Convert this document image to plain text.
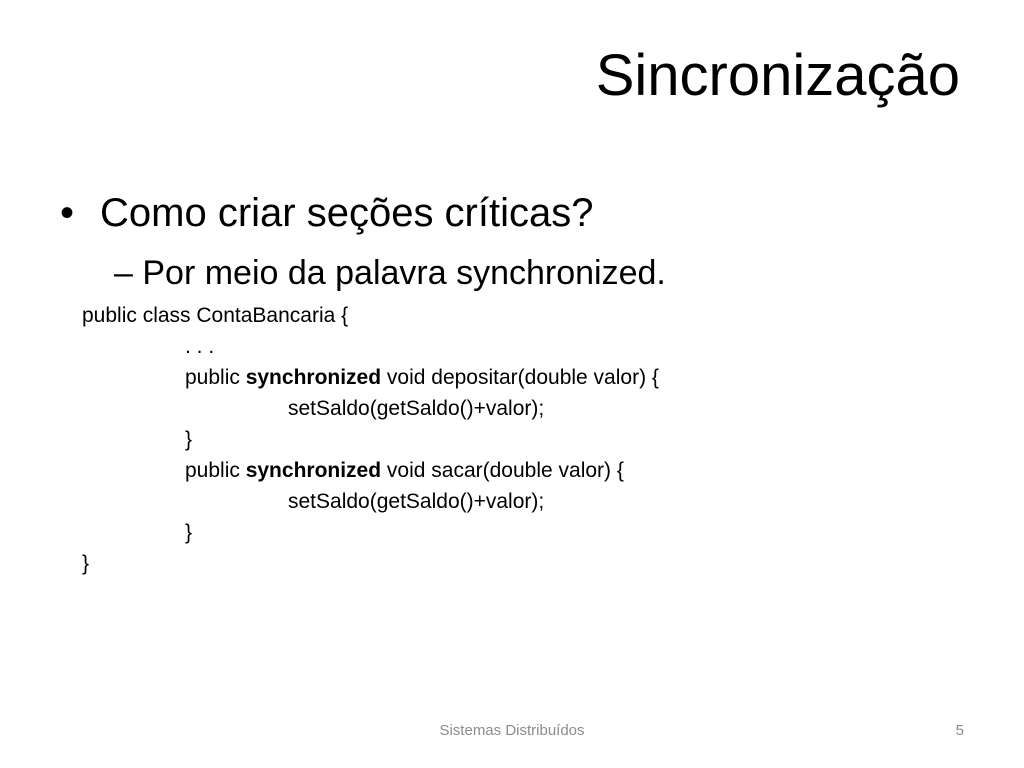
Sincronização
• Como criar seções críticas?
– Por meio da palavra synchronized.
public class ContaBancaria {
. . .
public synchronized void depositar(double valor) {
setSaldo(getSaldo()+valor);
}
public synchronized void sacar(double valor) {
setSaldo(getSaldo()+valor);
}
}
Sistemas Distribuídos	5
